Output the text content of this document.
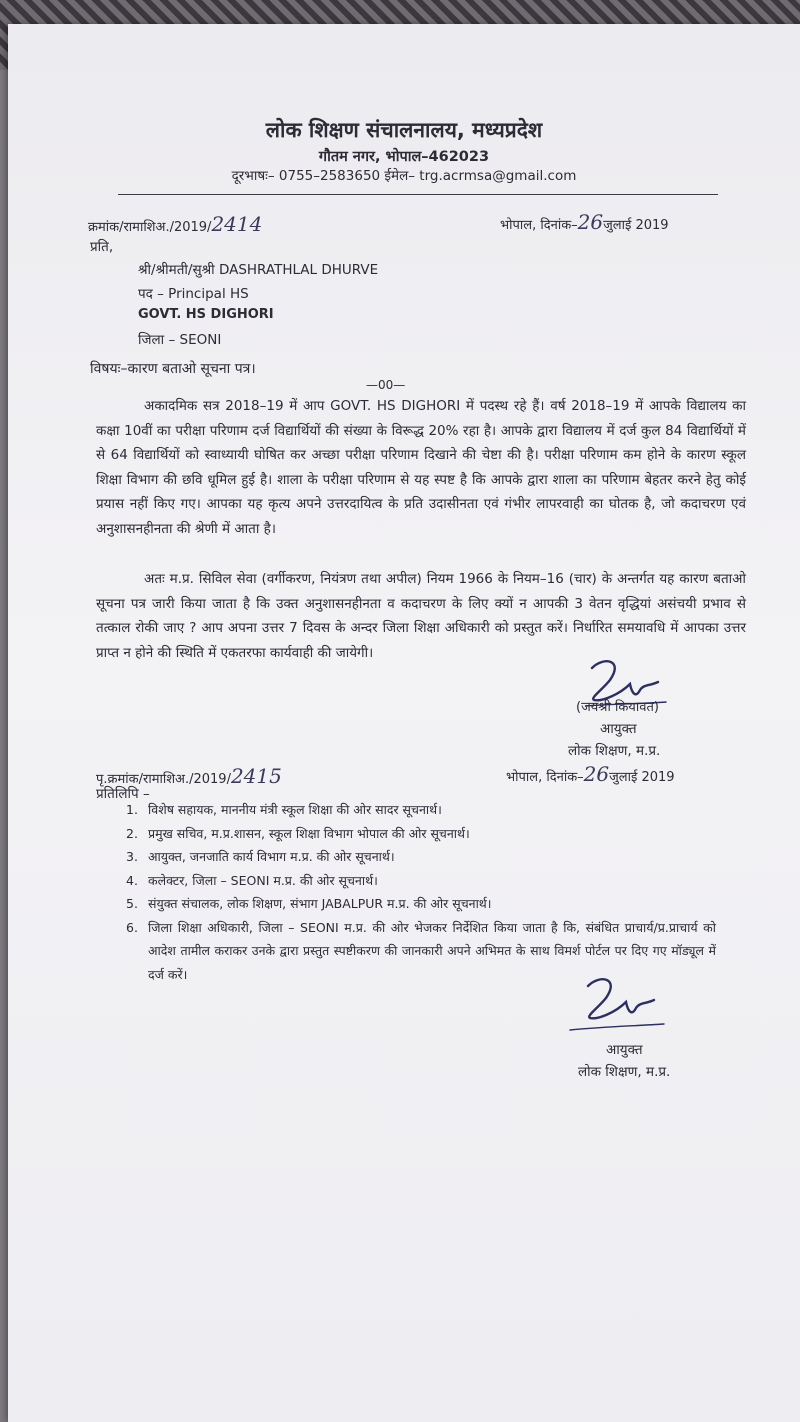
लोक शिक्षण संचालनालय, मध्यप्रदेश
गौतम नगर, भोपाल–462023
दूरभाषः– 0755–2583650 ईमेल– trg.acrmsa@gmail.com
क्रमांक/रामाशिअ./2019/2414	भोपाल, दिनांक–26जुलाई 2019
प्रति,
श्री/श्रीमती/सुश्री DASHRATHLAL DHURVE
पद – Principal HS
GOVT. HS DIGHORI
जिला – SEONI
विषयः–कारण बताओ सूचना पत्र।
—00—

अकादमिक सत्र 2018–19 में आप GOVT. HS DIGHORI में पदस्थ रहे हैं। वर्ष 2018–19 में आपके विद्यालय का कक्षा 10वीं का परीक्षा परिणाम दर्ज विद्यार्थियों की संख्या के विरूद्ध 20% रहा है। आपके द्वारा विद्यालय में दर्ज कुल 84 विद्यार्थियों में से 64 विद्यार्थियों को स्वाध्यायी घोषित कर अच्छा परीक्षा परिणाम दिखाने की चेष्टा की है। परीक्षा परिणाम कम होने के कारण स्कूल शिक्षा विभाग की छवि धूमिल हुई है। शाला के परीक्षा परिणाम से यह स्पष्ट है कि आपके द्वारा शाला का परिणाम बेहतर करने हेतु कोई प्रयास नहीं किए गए। आपका यह कृत्य अपने उत्तरदायित्व के प्रति उदासीनता एवं गंभीर लापरवाही का घोतक है, जो कदाचरण एवं अनुशासनहीनता की श्रेणी में आता है।

अतः म.प्र. सिविल सेवा (वर्गीकरण, नियंत्रण तथा अपील) नियम 1966 के नियम–16 (चार) के अन्तर्गत यह कारण बताओ सूचना पत्र जारी किया जाता है कि उक्त अनुशासनहीनता व कदाचरण के लिए क्यों न आपकी 3 वेतन वृद्धियां असंचयी प्रभाव से तत्काल रोकी जाए ? आप अपना उत्तर 7 दिवस के अन्दर जिला शिक्षा अधिकारी को प्रस्तुत करें। निर्धारित समयावधि में आपका उत्तर प्राप्त न होने की स्थिति में एकतरफा कार्यवाही की जायेगी।

(जयश्री कियावत)
आयुक्त
लोक शिक्षण, म.प्र.
पृ.क्रमांक/रामाशिअ./2019/2415	भोपाल, दिनांक–26जुलाई 2019
प्रतिलिपि –
1. विशेष सहायक, माननीय मंत्री स्कूल शिक्षा की ओर सादर सूचनार्थ।
2. प्रमुख सचिव, म.प्र.शासन, स्कूल शिक्षा विभाग भोपाल की ओर सूचनार्थ।
3. आयुक्त, जनजाति कार्य विभाग म.प्र. की ओर सूचनार्थ।
4. कलेक्टर, जिला – SEONI म.प्र. की ओर सूचनार्थ।
5. संयुक्त संचालक, लोक शिक्षण, संभाग JABALPUR म.प्र. की ओर सूचनार्थ।
6. जिला शिक्षा अधिकारी, जिला – SEONI म.प्र. की ओर भेजकर निर्देशित किया जाता है कि, संबंधित प्राचार्य/प्र.प्राचार्य को आदेश तामील कराकर उनके द्वारा प्रस्तुत स्पष्टीकरण की जानकारी अपने अभिमत के साथ विमर्श पोर्टल पर दिए गए मॉड्यूल में दर्ज करें।
आयुक्त
लोक शिक्षण, म.प्र.
